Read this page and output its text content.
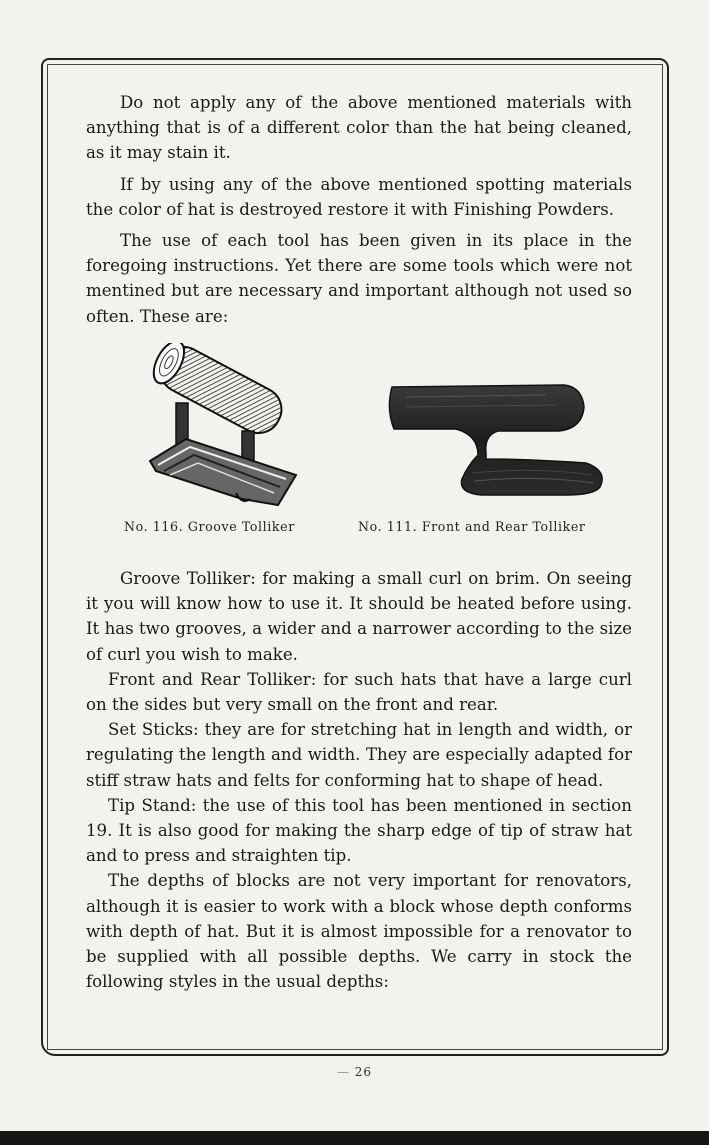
Do not apply any of the above mentioned materials with anything that is of a different color than the hat being cleaned, as it may stain it.

If by using any of the above mentioned spotting materials the color of hat is destroyed restore it with Finishing Powders.

The use of each tool has been given in its place in the foregoing instructions. Yet there are some tools which were not mentined but are necessary and important although not used so often. These are:

No. 116. Groove Tolliker	No. 111. Front and Rear Tolliker

Groove Tolliker: for making a small curl on brim. On seeing it you will know how to use it. It should be heated before using. It has two grooves, a wider and a narrower according to the size of curl you wish to make.

Front and Rear Tolliker: for such hats that have a large curl on the sides but very small on the front and rear.

Set Sticks: they are for stretching hat in length and width, or regulating the length and width. They are especially adapted for stiff straw hats and felts for conforming hat to shape of head.

Tip Stand: the use of this tool has been mentioned in section 19. It is also good for making the sharp edge of tip of straw hat and to press and straighten tip.

The depths of blocks are not very important for renovators, although it is easier to work with a block whose depth conforms with depth of hat. But it is almost impossible for a renovator to be supplied with all possible depths. We carry in stock the following styles in the usual depths:

— 26
